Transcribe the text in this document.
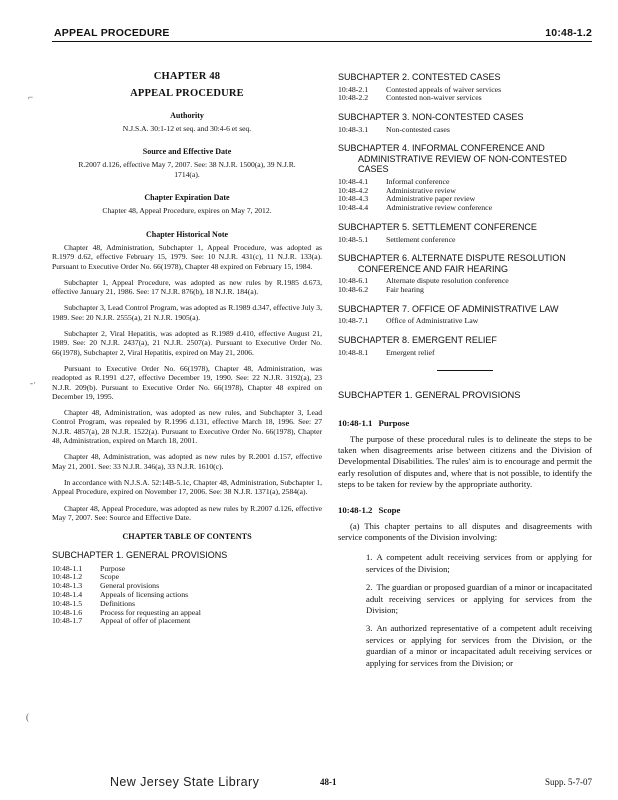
APPEAL PROCEDURE	10:48-1.2
⌐
‐·
(
CHAPTER 48
APPEAL PROCEDURE
Authority
N.J.S.A. 30:1-12 et seq. and 30:4-6 et seq.
Source and Effective Date
R.2007 d.126, effective May 7, 2007. See: 38 N.J.R. 1500(a), 39 N.J.R. 1714(a).
Chapter Expiration Date
Chapter 48, Appeal Procedure, expires on May 7, 2012.
Chapter Historical Note

Chapter 48, Administration, Subchapter 1, Appeal Procedure, was adopted as R.1979 d.62, effective February 15, 1979. See: 10 N.J.R. 431(c), 11 N.J.R. 133(a). Pursuant to Executive Order No. 66(1978), Chapter 48 expired on February 15, 1984.

Subchapter 1, Appeal Procedure, was adopted as new rules by R.1985 d.673, effective January 21, 1986. See: 17 N.J.R. 876(b), 18 N.J.R. 184(a).

Subchapter 3, Lead Control Program, was adopted as R.1989 d.347, effective July 3, 1989. See: 20 N.J.R. 2555(a), 21 N.J.R. 1905(a).

Subchapter 2, Viral Hepatitis, was adopted as R.1989 d.410, effective August 21, 1989. See: 20 N.J.R. 2437(a), 21 N.J.R. 2507(a). Pursuant to Executive Order No. 66(1978), Subchapter 2, Viral Hepatitis, expired on May 21, 2006.

Pursuant to Executive Order No. 66(1978), Chapter 48, Administration, was readopted as R.1991 d.27, effective December 19, 1990. See: 22 N.J.R. 3192(a), 23 N.J.R. 209(b). Pursuant to Executive Order No. 66(1978), Chapter 48 expired on December 19, 1995.

Chapter 48, Administration, was adopted as new rules, and Subchapter 3, Lead Control Program, was repealed by R.1996 d.131, effective March 18, 1996. See: 27 N.J.R. 4857(a), 28 N.J.R. 1522(a). Pursuant to Executive Order No. 66(1978), Chapter 48, Administration, expired on March 18, 2001.

Chapter 48, Administration, was adopted as new rules by R.2001 d.157, effective May 21, 2001. See: 33 N.J.R. 346(a), 33 N.J.R. 1610(c).

In accordance with N.J.S.A. 52:14B-5.1c, Chapter 48, Administration, Subchapter 1, Appeal Procedure, expired on November 17, 2006. See: 38 N.J.R. 1371(a), 2584(a).

Chapter 48, Appeal Procedure, was adopted as new rules by R.2007 d.126, effective May 7, 2007. See: Source and Effective Date.

CHAPTER TABLE OF CONTENTS
SUBCHAPTER 1. GENERAL PROVISIONS
10:48-1.1	Purpose
10:48-1.2	Scope
10:48-1.3	General provisions
10:48-1.4	Appeals of licensing actions
10:48-1.5	Definitions
10:48-1.6	Process for requesting an appeal
10:48-1.7	Appeal of offer of placement
SUBCHAPTER 2. CONTESTED CASES
10:48-2.1	Contested appeals of waiver services
10:48-2.2	Contested non-waiver services
SUBCHAPTER 3. NON-CONTESTED CASES
10:48-3.1	Non-contested cases
SUBCHAPTER 4. INFORMAL CONFERENCE AND ADMINISTRATIVE REVIEW OF NON-CONTESTED CASES
10:48-4.1	Informal conference
10:48-4.2	Administrative review
10:48-4.3	Administrative paper review
10:48-4.4	Administrative review conference
SUBCHAPTER 5. SETTLEMENT CONFERENCE
10:48-5.1	Settlement conference
SUBCHAPTER 6. ALTERNATE DISPUTE RESOLUTION CONFERENCE AND FAIR HEARING
10:48-6.1	Alternate dispute resolution conference
10:48-6.2	Fair hearing
SUBCHAPTER 7. OFFICE OF ADMINISTRATIVE LAW
10:48-7.1	Office of Administrative Law
SUBCHAPTER 8. EMERGENT RELIEF
10:48-8.1	Emergent relief
SUBCHAPTER 1. GENERAL PROVISIONS
10:48-1.1 Purpose

The purpose of these procedural rules is to delineate the steps to be taken when disagreements arise between citizens and the Division of Developmental Disabilities. The rules' aim is to encourage and permit the early resolution of disputes and, where that is not possible, to identify the steps to be taken for review by the appropriate authority.

10:48-1.2 Scope

(a) This chapter pertains to all disputes and disagreements with service components of the Division involving:

1. A competent adult receiving services from or applying for services of the Division;

2. The guardian or proposed guardian of a minor or incapacitated adult receiving services or applying for services from the Division;

3. An authorized representative of a competent adult receiving services or applying for services from the Division, or the guardian of a minor or incapacitated adult receiving services or applying for services from the Division; or

New Jersey State Library	48-1	Supp. 5-7-07
